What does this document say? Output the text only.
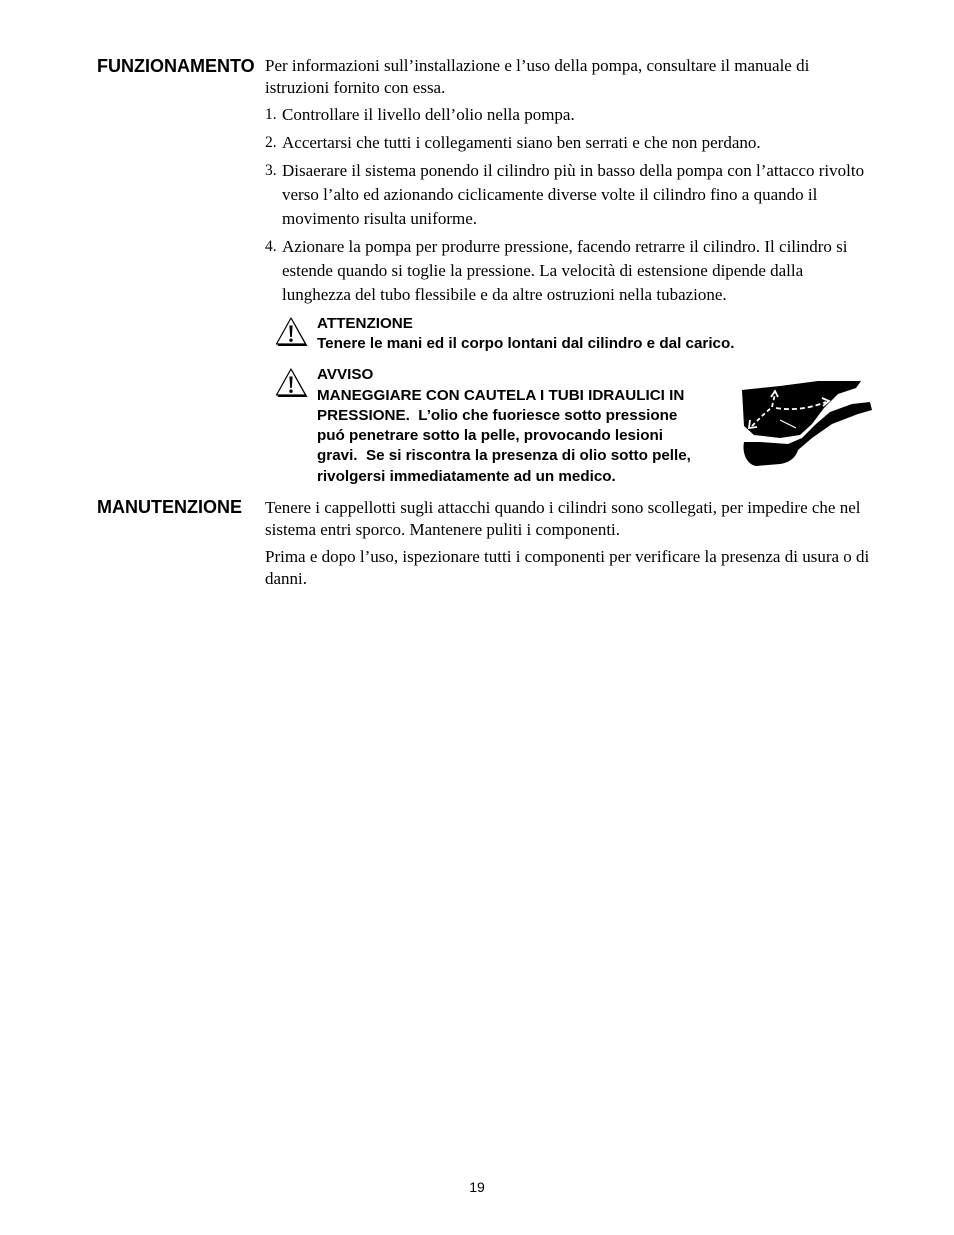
FUNZIONAMENTO Per informazioni sull’installazione e l’uso della pompa, consultare il manuale di
istruzioni fornito con essa.
1. Controllare il livello dell’olio nella pompa.
2. Accertarsi che tutti i collegamenti siano ben serrati e che non perdano.
3. Disaerare il sistema ponendo il cilindro più in basso della pompa con l’attacco rivolto
verso l’alto ed azionando ciclicamente diverse volte il cilindro fino a quando il
movimento risulta uniforme.
4. Azionare la pompa per produrre pressione, facendo retrarre il cilindro. Il cilindro si
estende quando si toglie la pressione. La velocità di estensione dipende dalla
lunghezza del tubo flessibile e da altre ostruzioni nella tubazione.
ATTENZIONE
Tenere le mani ed il corpo lontani dal cilindro e dal carico.
AVVISO
MANEGGIARE CON CAUTELA I TUBI IDRAULICI IN
PRESSIONE.  L’olio che fuoriesce sotto pressione
puó penetrare sotto la pelle, provocando lesioni
gravi.  Se si riscontra la presenza di olio sotto pelle,
rivolgersi immediatamente ad un medico.
MANUTENZIONE Tenere i cappellotti sugli attacchi quando i cilindri sono scollegati, per impedire che nel
sistema entri sporco. Mantenere puliti i componenti.
Prima e dopo l’uso, ispezionare tutti i componenti per verificare la presenza di usura o di
danni.
19
